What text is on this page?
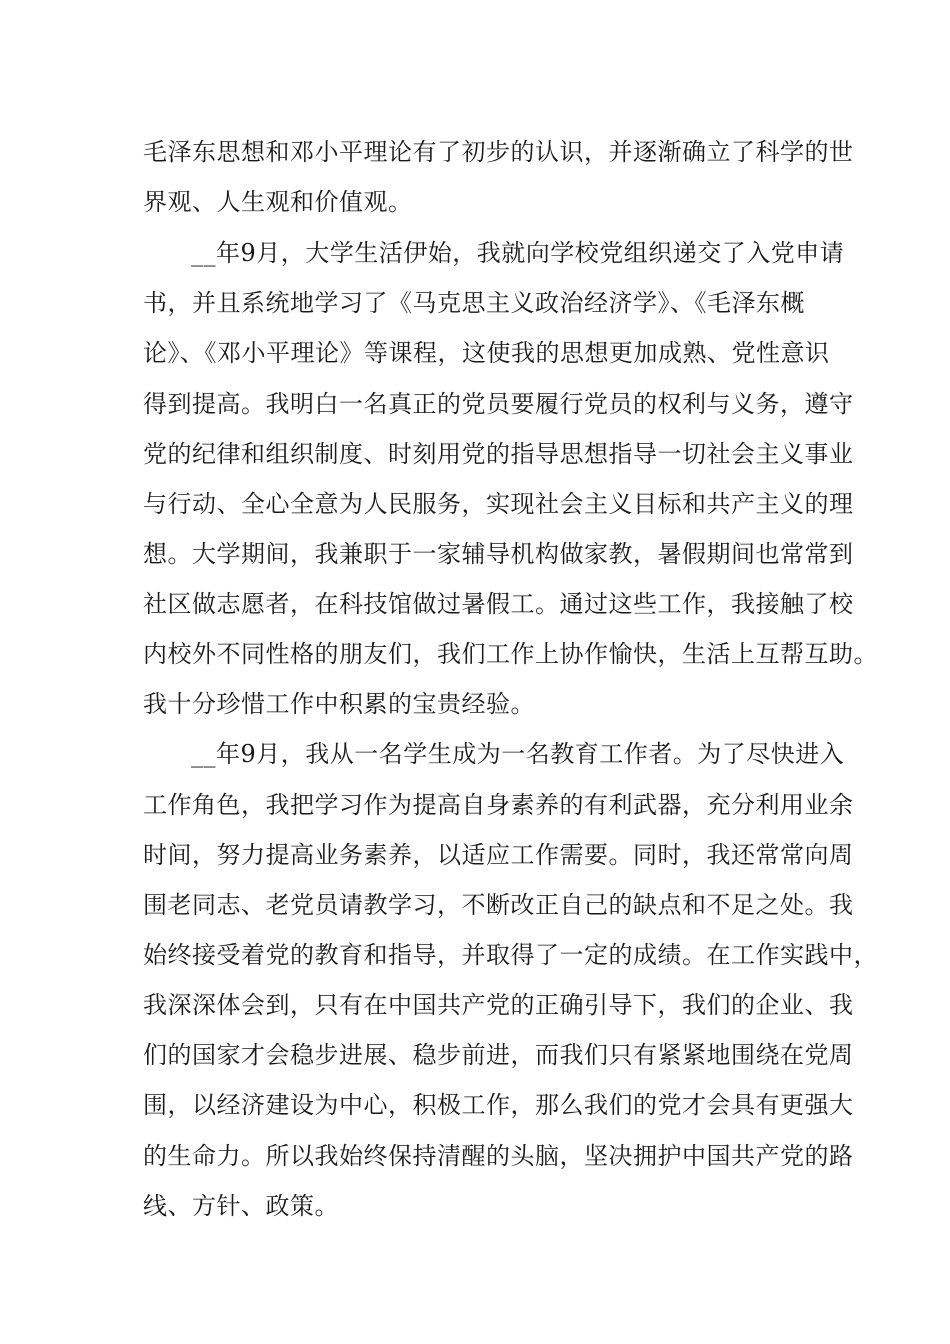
毛泽东思想和邓小平理论有了初步的认识，并逐渐确立了科学的世
界观、人生观和价值观。
__年9月，大学生活伊始，我就向学校党组织递交了入党申请
书，并且系统地学习了《马克思主义政治经济学》、《毛泽东概
论》、《邓小平理论》等课程，这使我的思想更加成熟、党性意识
得到提高。我明白一名真正的党员要履行党员的权利与义务，遵守
党的纪律和组织制度、时刻用党的指导思想指导一切社会主义事业
与行动、全心全意为人民服务，实现社会主义目标和共产主义的理
想。大学期间，我兼职于一家辅导机构做家教，暑假期间也常常到
社区做志愿者，在科技馆做过暑假工。通过这些工作，我接触了校
内校外不同性格的朋友们，我们工作上协作愉快，生活上互帮互助。
我十分珍惜工作中积累的宝贵经验。
__年9月，我从一名学生成为一名教育工作者。为了尽快进入
工作角色，我把学习作为提高自身素养的有利武器，充分利用业余
时间，努力提高业务素养，以适应工作需要。同时，我还常常向周
围老同志、老党员请教学习，不断改正自己的缺点和不足之处。我
始终接受着党的教育和指导，并取得了一定的成绩。在工作实践中，
我深深体会到，只有在中国共产党的正确引导下，我们的企业、我
们的国家才会稳步进展、稳步前进，而我们只有紧紧地围绕在党周
围，以经济建设为中心，积极工作，那么我们的党才会具有更强大
的生命力。所以我始终保持清醒的头脑，坚决拥护中国共产党的路
线、方针、政策。
